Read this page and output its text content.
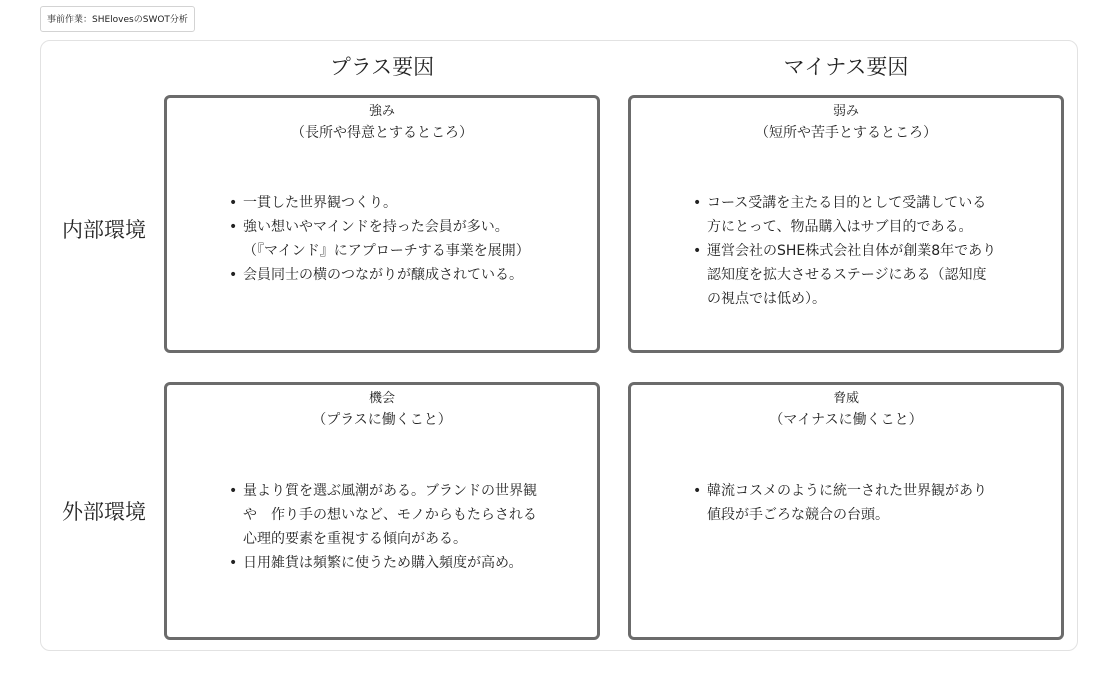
事前作業：SHElovesのSWOT分析
プラス要因	マイナス要因
内部環境
外部環境
強み
（長所や得意とするところ）
• 一貫した世界観つくり。
• 強い想いやマインドを持った会員が多い。
（『マインド』にアプローチする事業を展開）
• 会員同士の横のつながりが醸成されている。
弱み
（短所や苦手とするところ）
• コース受講を主たる目的として受講している
方にとって、物品購入はサブ目的である。
• 運営会社のSHE株式会社自体が創業8年であり
認知度を拡大させるステージにある（認知度
の視点では低め）。
機会
（プラスに働くこと）
• 量より質を選ぶ風潮がある。ブランドの世界観
や　作り手の想いなど、モノからもたらされる
心理的要素を重視する傾向がある。
• 日用雑貨は頻繁に使うため購入頻度が高め。
脅威
（マイナスに働くこと）
• 韓流コスメのように統一された世界観があり
値段が手ごろな競合の台頭。
